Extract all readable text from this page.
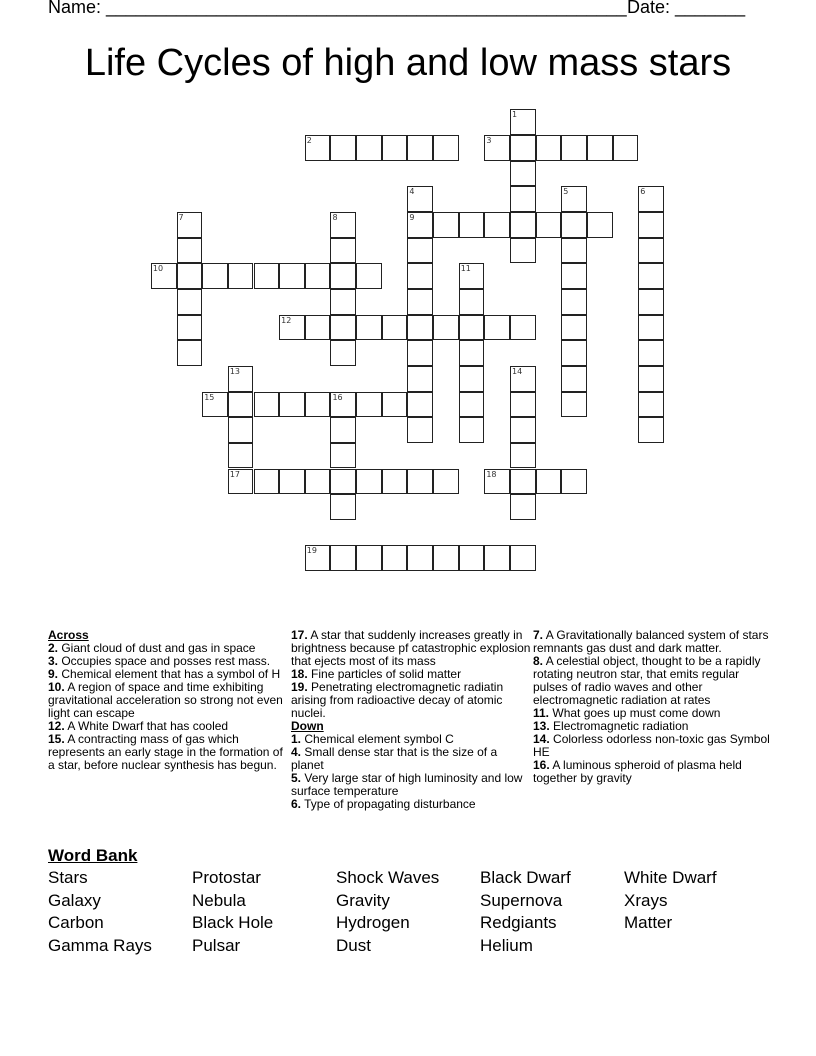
Name: ____________________________________________________ Date: _______
Life Cycles of high and low mass stars
1
2	3
4
9
5	6
7	8
10	11
12
13
17
14
15	16
18
19
Across
2. Giant cloud of dust and gas in space
3. Occupies space and posses rest mass.
9. Chemical element that has a symbol of H
10. A region of space and time exhibiting gravitational acceleration so strong not even light can escape
12. A White Dwarf that has cooled
15. A contracting mass of gas which represents an early stage in the formation of a star, before nuclear synthesis has begun.
17. A star that suddenly increases greatly in brightness because pf catastrophic explosion that ejects most of its mass
18. Fine particles of solid matter
19. Penetrating electromagnetic radiatin arising from radioactive decay of atomic nuclei.
Down
1. Chemical element symbol C
4. Small dense star that is the size of a planet
5. Very large star of high luminosity and low surface temperature
6. Type of propagating disturbance
7. A Gravitationally balanced system of stars remnants gas dust and dark matter.
8. A celestial object, thought to be a rapidly rotating neutron star, that emits regular pulses of radio waves and other electromagnetic radiation at rates
11. What goes up must come down
13. Electromagnetic radiation
14. Colorless odorless non-toxic gas Symbol HE
16. A luminous spheroid of plasma held together by gravity
Word Bank
Stars	Protostar	Shock Waves	Black Dwarf	White Dwarf
Galaxy	Nebula	Gravity	Supernova	Xrays
Carbon	Black Hole	Hydrogen	Redgiants	Matter
Gamma Rays	Pulsar	Dust	Helium
